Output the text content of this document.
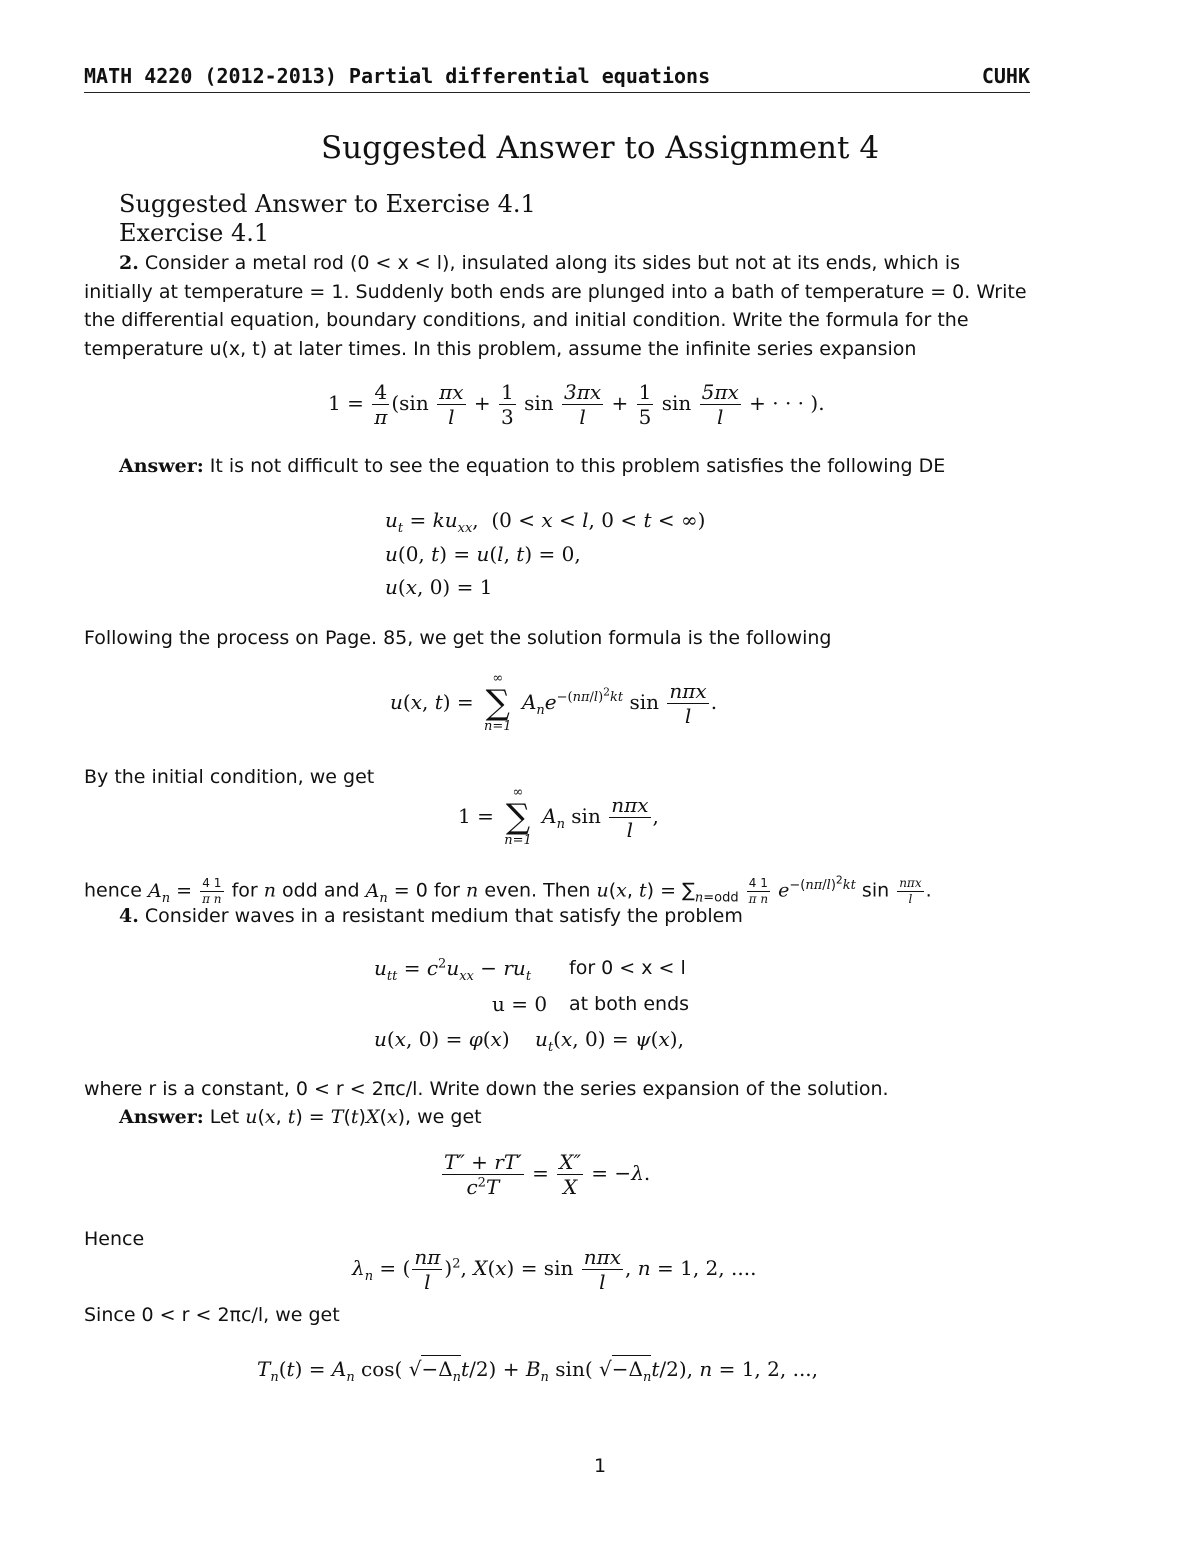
MATH 4220 (2012-2013) Partial differential equations	CUHK
Suggested Answer to Assignment 4
Suggested Answer to Exercise 4.1
Exercise 4.1
2. Consider a metal rod (0 < x < l), insulated along its sides but not at its ends, which is initially at temperature = 1. Suddenly both ends are plunged into a bath of temperature = 0. Write the differential equation, boundary conditions, and initial condition. Write the formula for the temperature u(x, t) at later times. In this problem, assume the infinite series expansion
$1 = \frac{4}{\pi} (\sin \frac{\pi x}{l} + \frac{1}{3}$ $\sin \frac{3\pi x}{l} + \frac{1}{5}$ $\sin \frac{5\pi x}{l}$ + · · · ).
Answer: It is not difficult to see the equation to this problem satisfies the following DE
$u_t = ku_{xx}$,  (0 < x < l, 0 < t < ∞)
u(0, t) = u(l, t) = 0,
u(x, 0) = 1
Following the process on Page. 85, we get the solution formula is the following
u(x, t) =
∞
∑
n=1
$A_ne^{-(n\pi/l)^2kt}$ $\sin \frac{\text{nπx}}{l}$ .
By the initial condition, we get
1 =
∞
∑
n=1
$A_n$ $\sin \frac{\text{nπx}}{l}$ ,
hence $A_n = \frac{4 1}{\text{π n}}$ for n odd and $A_n = 0$ for n even. Then u(x, $t) = \sum_{n=odd} \frac{4 1}{\text{π n}} e^{-(n\pi/l)^2kt}$ $\sin \frac{\text{nπx}}{l}$ .
4. Consider waves in a resistant medium that satisfy the problem
$u_{tt} = c^2u_{xx} - ru_t$ for 0 < x < l
u = 0 at both ends
u(x, 0) = φ(x)    $u_t(x$, 0) = ψ(x),
where r is a constant, 0 < r < 2πc/l. Write down the series expansion of the solution.
Answer: Let u(x, t) = T(t)X(x), we get
$\frac{T'' + rT'}{c^2T} = \frac{X''}{X} = -\lambda$.
Hence
$\lambda_n$ = ( $\frac{n\pi}{l} )^2$, $X(x) = \sin \frac{\text{nπx}}{l}$ , n = 1, 2, ....
Since 0 < r < 2πc/l, we get
$T_n(t) = A_n$ cos( $√-\Delta_nt/2) + B_n$ sin( $√-\Delta_nt/2$), n = 1, 2, ...,
1
